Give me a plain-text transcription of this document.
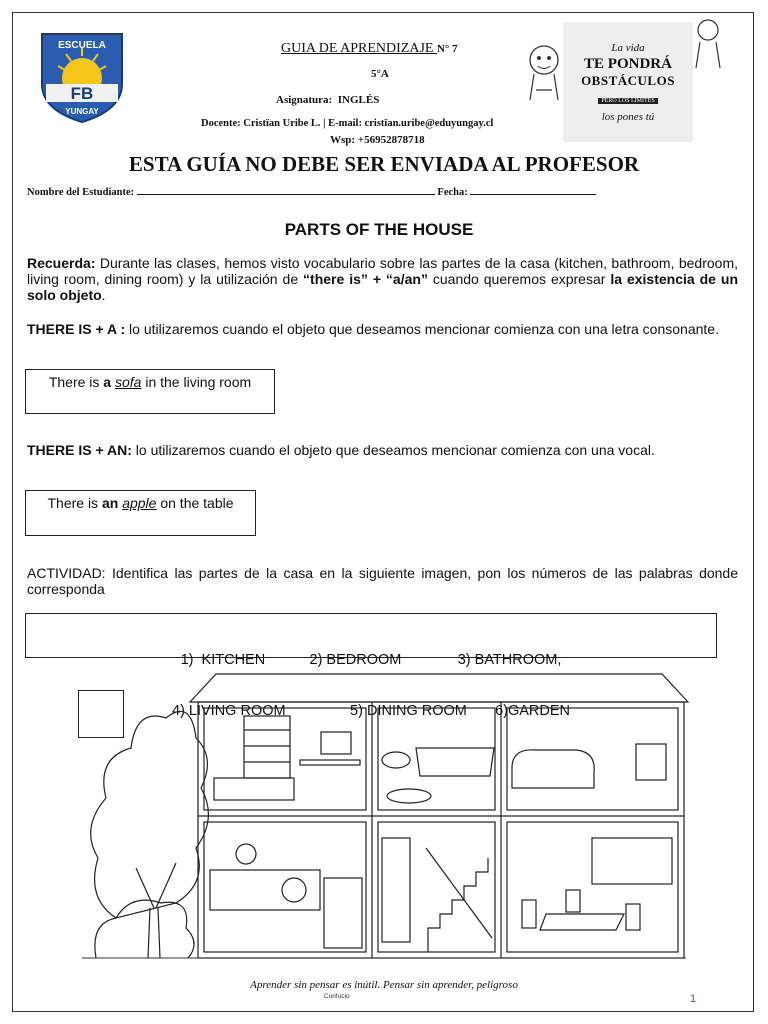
ESCUELA
FB
YUNGAY
GUIA DE APRENDIZAJE N° 7
5°A
Asignatura: INGLÉS
Docente: Cristïan Uribe L. | E-mail: cristïan.uribe@eduyungay.cl
Wsp: +56952878718
La vida
TE PONDRÁ
OBSTÁCULOS
PERO LOS LÍMITES
los pones tú
ESTA GUÍA NO DEBE SER ENVIADA AL PROFESOR
Nombre del Estudiante:	Fecha:
PARTS OF THE HOUSE
Recuerda: Durante las clases, hemos visto vocabulario sobre las partes de la casa (kitchen, bathroom, bedroom, living room, dining room) y la utilización de “there is” + “a/an” cuando queremos expresar la existencia de un solo objeto.
THERE IS + A : lo utilizaremos cuando el objeto que deseamos mencionar comienza con una letra consonante.
There is a sofa in the living room
THERE IS + AN: lo utilizaremos cuando el objeto que deseamos mencionar comienza con una vocal.
There is an apple on the table
ACTIVIDAD: Identifica las partes de la casa en la siguiente imagen, pon los números de las palabras donde corresponda

1)  KITCHEN           2) BEDROOM              3) BATHROOM,

4) LIVING ROOM                5) DINING ROOM       6)GARDEN

Aprender sin pensar es inútil. Pensar sin aprender, peligroso
Confucio	1
